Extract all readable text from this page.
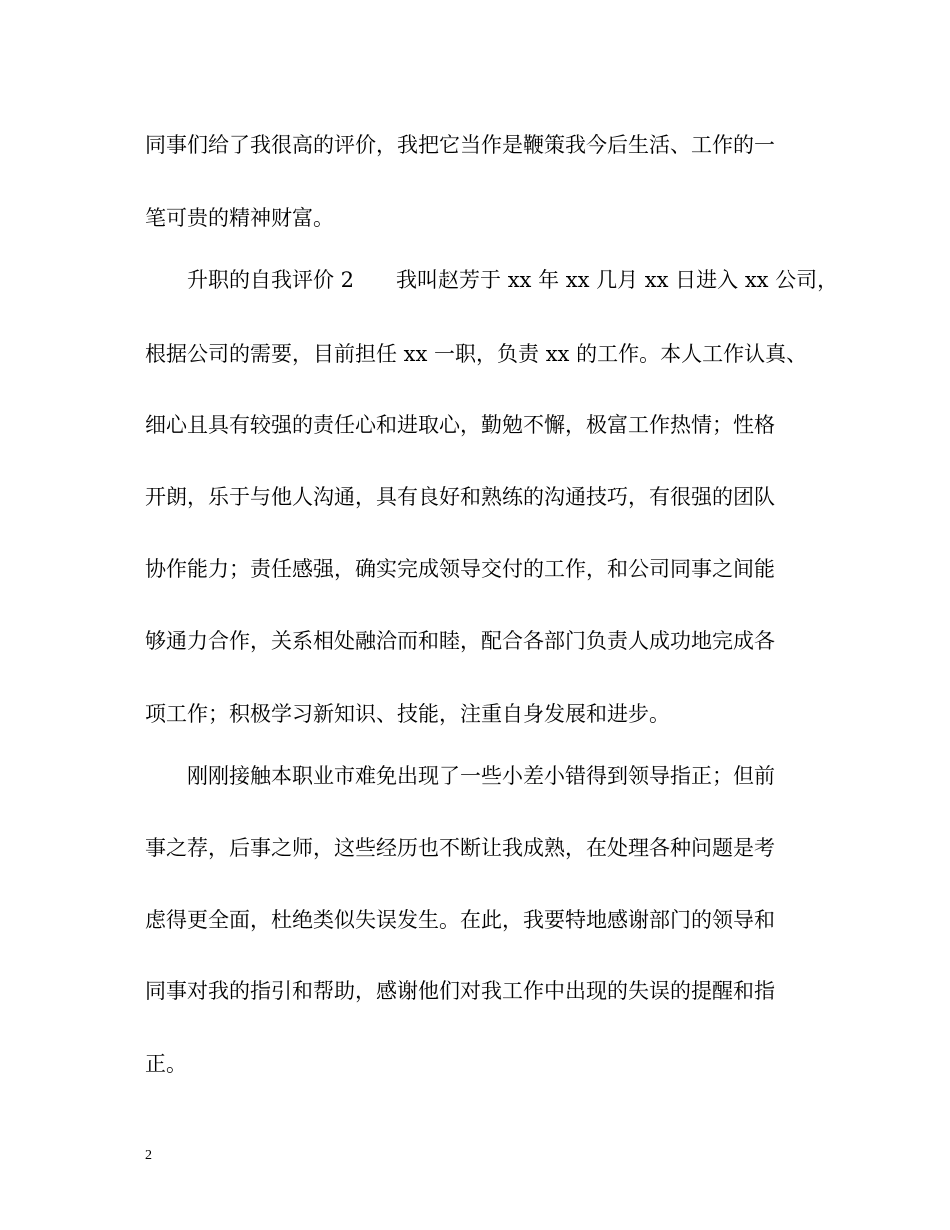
同事们给了我很高的评价，我把它当作是鞭策我今后生活、工作的一
笔可贵的精神财富。
　　升职的自我评价 2　　我叫赵芳于 xx 年 xx 几月 xx 日进入 xx 公司，
根据公司的需要，目前担任 xx 一职，负责 xx 的工作。本人工作认真、
细心且具有较强的责任心和进取心，勤勉不懈，极富工作热情；性格
开朗，乐于与他人沟通，具有良好和熟练的沟通技巧，有很强的团队
协作能力；责任感强，确实完成领导交付的工作，和公司同事之间能
够通力合作，关系相处融洽而和睦，配合各部门负责人成功地完成各
项工作；积极学习新知识、技能，注重自身发展和进步。
　　刚刚接触本职业市难免出现了一些小差小错得到领导指正；但前
事之荐，后事之师，这些经历也不断让我成熟，在处理各种问题是考
虑得更全面，杜绝类似失误发生。在此，我要特地感谢部门的领导和
同事对我的指引和帮助，感谢他们对我工作中出现的失误的提醒和指
正。
2
